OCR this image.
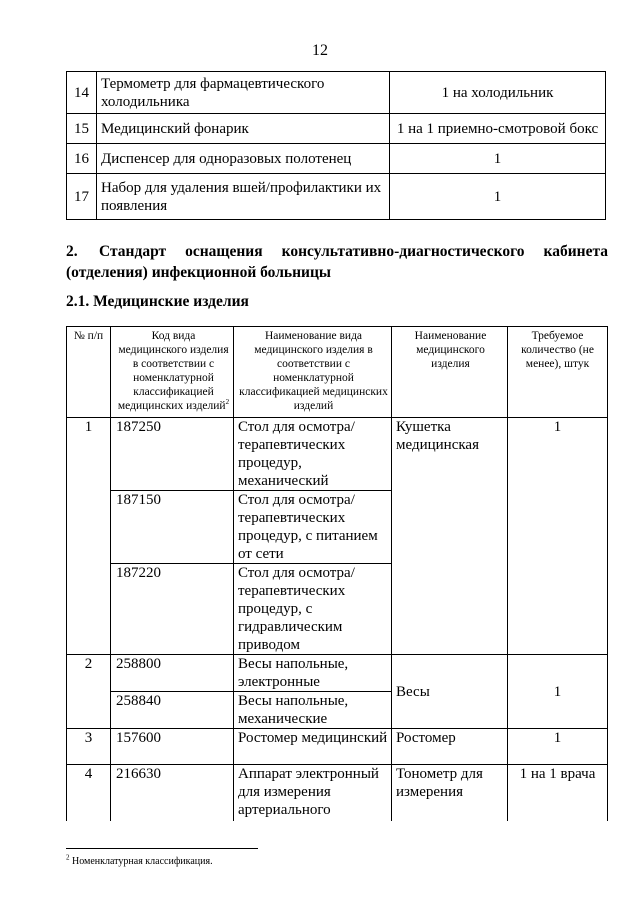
12
14	Термометр для фармацевтического холодильника	1 на холодильник
15	Медицинский фонарик	1 на 1 приемно-смотровой бокс
16	Диспенсер для одноразовых полотенец	1
17	Набор для удаления вшей/профилактики их появления	1
2. Стандарт оснащения консультативно-диагностического кабинета (отделения) инфекционной больницы
2.1. Медицинские изделия
№ п/п	Код вида медицинского изделия в соответствии с номенклатурной классификацией медицинских изделий$^2$	Наименование вида медицинского изделия в соответствии с номенклатурной классификацией медицинских изделий	Наименование медицинского изделия	Требуемое количество (не менее), штук
1	187250	Стол для осмотра/терапевтических процедур, механический	Кушетка медицинская	1
	187150	Стол для осмотра/терапевтических процедур, с питанием от сети		
	187220	Стол для осмотра/терапевтических процедур, с гидравлическим приводом		
2	258800	Весы напольные, электронные	Весы	1
	258840	Весы напольные, механические		
3	157600	Ростомер медицинский	Ростомер	1
4	216630	Аппарат электронный для измерения артериального	Тонометр для измерения	1 на 1 врача
$^2$ Номенклатурная классификация.
